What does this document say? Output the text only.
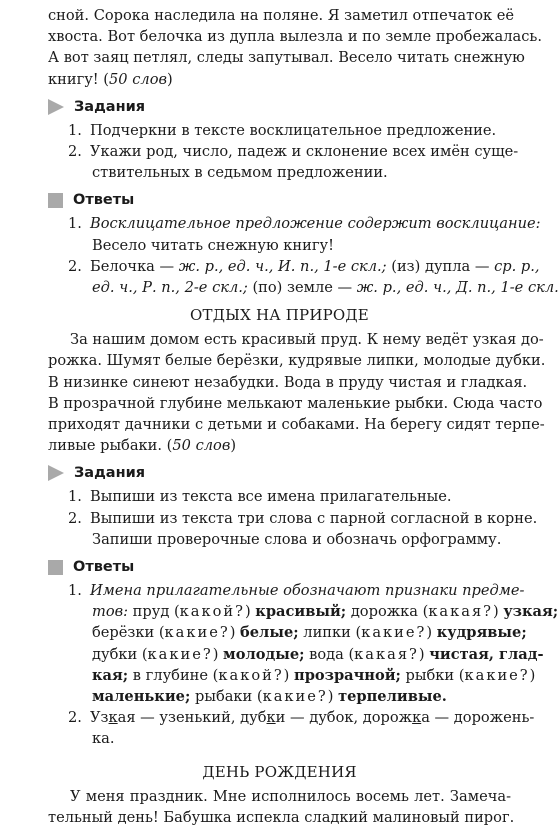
сной. Сорока наследила на поляне. Я заметил отпечаток её
хвоста. Вот белочка из дупла вылезла и по земле пробежалась.
А вот заяц петлял, следы запутывал. Весело читать снежную
книгу! (50 слов)
Задания
1. Подчеркни в тексте восклицательное предложение.
2. Укажи род, число, падеж и склонение всех имён суще-
ствительных в седьмом предложении.
Ответы
1. Восклицательное предложение содержит восклицание:
Весело читать снежную книгу!
2. Белочка — ж. р., ед. ч., И. п., 1-е скл.; (из) дупла — ср. р.,
ед. ч., Р. п., 2-е скл.; (по) земле — ж. р., ед. ч., Д. п., 1-е скл.
ОТДЫХ НА ПРИРОДЕ
За нашим домом есть красивый пруд. К нему ведёт узкая до-
рожка. Шумят белые берёзки, кудрявые липки, молодые дубки.
В низинке синеют незабудки. Вода в пруду чистая и гладкая.
В прозрачной глубине мелькают маленькие рыбки. Сюда часто
приходят дачники с детьми и собаками. На берегу сидят терпе-
ливые рыбаки. (50 слов)
Задания
1. Выпиши из текста все имена прилагательные.
2. Выпиши из текста три слова с парной согласной в корне.
Запиши проверочные слова и обозначь орфограмму.
Ответы
1. Имена прилагательные обозначают признаки предме-
тов: пруд (какой?) красивый; дорожка (какая?) узкая;
берёзки (какие?) белые; липки (какие?) кудрявые;
дубки (какие?) молодые; вода (какая?) чистая, глад-
кая; в глубине (какой?) прозрачной; рыбки (какие?)
маленькие; рыбаки (какие?) терпеливые.
2. Узкая — узенький, дубки — дубок, дорожка — дорожень-
ка.
ДЕНЬ РОЖДЕНИЯ
У меня праздник. Мне исполнилось восемь лет. Замеча-
тельный день! Бабушка испекла сладкий малиновый пирог.
